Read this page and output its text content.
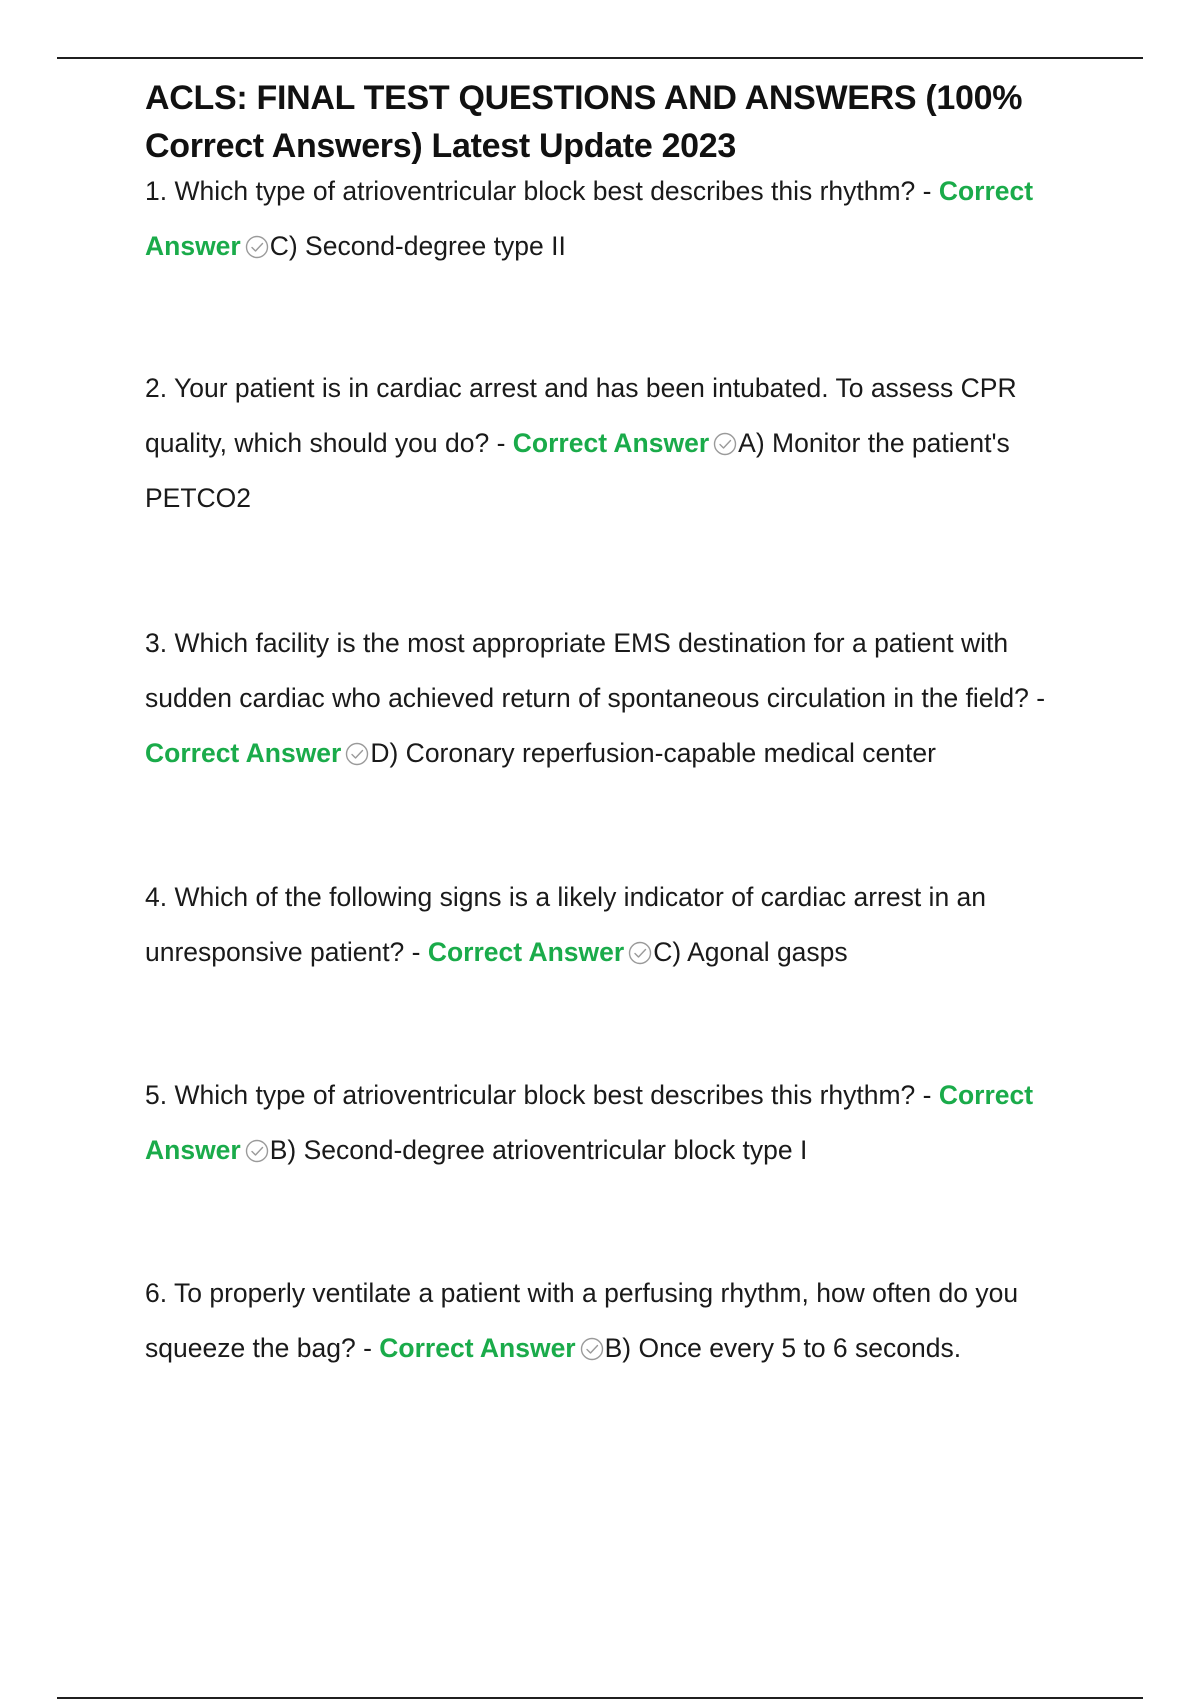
ACLS: FINAL TEST QUESTIONS AND ANSWERS (100% Correct Answers) Latest Update 2023

1. Which type of atrioventricular block best describes this rhythm? - Correct Answer C) Second-degree type II

2. Your patient is in cardiac arrest and has been intubated. To assess CPR quality, which should you do? - Correct Answer A) Monitor the patient's PETCO2

3. Which facility is the most appropriate EMS destination for a patient with sudden cardiac who achieved return of spontaneous circulation in the field? - Correct Answer D) Coronary reperfusion-capable medical center

4. Which of the following signs is a likely indicator of cardiac arrest in an unresponsive patient? - Correct Answer C) Agonal gasps

5. Which type of atrioventricular block best describes this rhythm? - Correct Answer B) Second-degree atrioventricular block type I

6. To properly ventilate a patient with a perfusing rhythm, how often do you squeeze the bag? - Correct Answer B) Once every 5 to 6 seconds.
